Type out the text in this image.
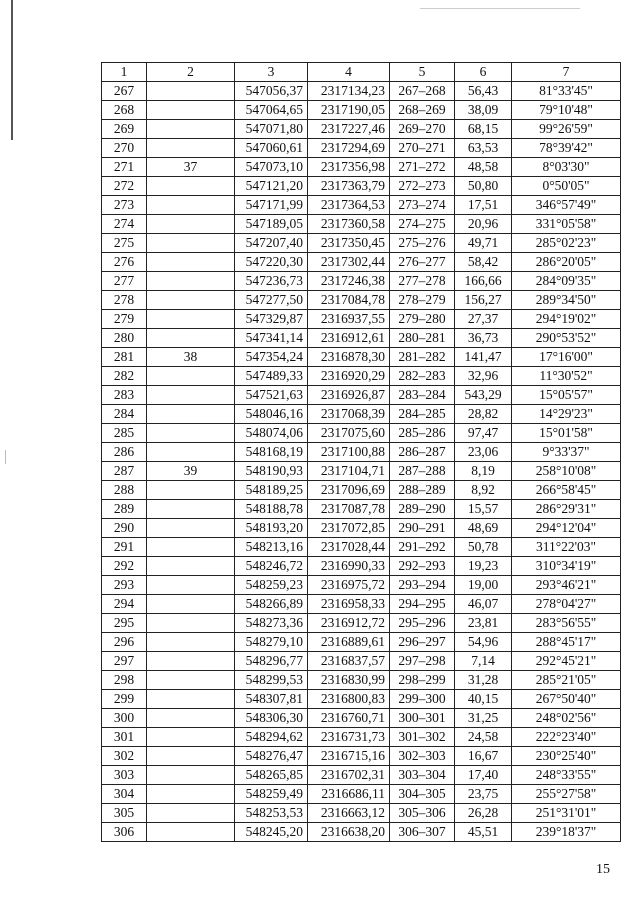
1	2	3	4	5	6	7
267		547056,37	2317134,23	267–268	56,43	81°33'45"
268		547064,65	2317190,05	268–269	38,09	79°10'48"
269		547071,80	2317227,46	269–270	68,15	99°26'59"
270		547060,61	2317294,69	270–271	63,53	78°39'42"
271	37	547073,10	2317356,98	271–272	48,58	8°03'30"
272		547121,20	2317363,79	272–273	50,80	0°50'05"
273		547171,99	2317364,53	273–274	17,51	346°57'49"
274		547189,05	2317360,58	274–275	20,96	331°05'58"
275		547207,40	2317350,45	275–276	49,71	285°02'23"
276		547220,30	2317302,44	276–277	58,42	286°20'05"
277		547236,73	2317246,38	277–278	166,66	284°09'35"
278		547277,50	2317084,78	278–279	156,27	289°34'50"
279		547329,87	2316937,55	279–280	27,37	294°19'02"
280		547341,14	2316912,61	280–281	36,73	290°53'52"
281	38	547354,24	2316878,30	281–282	141,47	17°16'00"
282		547489,33	2316920,29	282–283	32,96	11°30'52"
283		547521,63	2316926,87	283–284	543,29	15°05'57"
284		548046,16	2317068,39	284–285	28,82	14°29'23"
285		548074,06	2317075,60	285–286	97,47	15°01'58"
286		548168,19	2317100,88	286–287	23,06	9°33'37"
287	39	548190,93	2317104,71	287–288	8,19	258°10'08"
288		548189,25	2317096,69	288–289	8,92	266°58'45"
289		548188,78	2317087,78	289–290	15,57	286°29'31"
290		548193,20	2317072,85	290–291	48,69	294°12'04"
291		548213,16	2317028,44	291–292	50,78	311°22'03"
292		548246,72	2316990,33	292–293	19,23	310°34'19"
293		548259,23	2316975,72	293–294	19,00	293°46'21"
294		548266,89	2316958,33	294–295	46,07	278°04'27"
295		548273,36	2316912,72	295–296	23,81	283°56'55"
296		548279,10	2316889,61	296–297	54,96	288°45'17"
297		548296,77	2316837,57	297–298	7,14	292°45'21"
298		548299,53	2316830,99	298–299	31,28	285°21'05"
299		548307,81	2316800,83	299–300	40,15	267°50'40"
300		548306,30	2316760,71	300–301	31,25	248°02'56"
301		548294,62	2316731,73	301–302	24,58	222°23'40"
302		548276,47	2316715,16	302–303	16,67	230°25'40"
303		548265,85	2316702,31	303–304	17,40	248°33'55"
304		548259,49	2316686,11	304–305	23,75	255°27'58"
305		548253,53	2316663,12	305–306	26,28	251°31'01"
306		548245,20	2316638,20	306–307	45,51	239°18'37"
15
